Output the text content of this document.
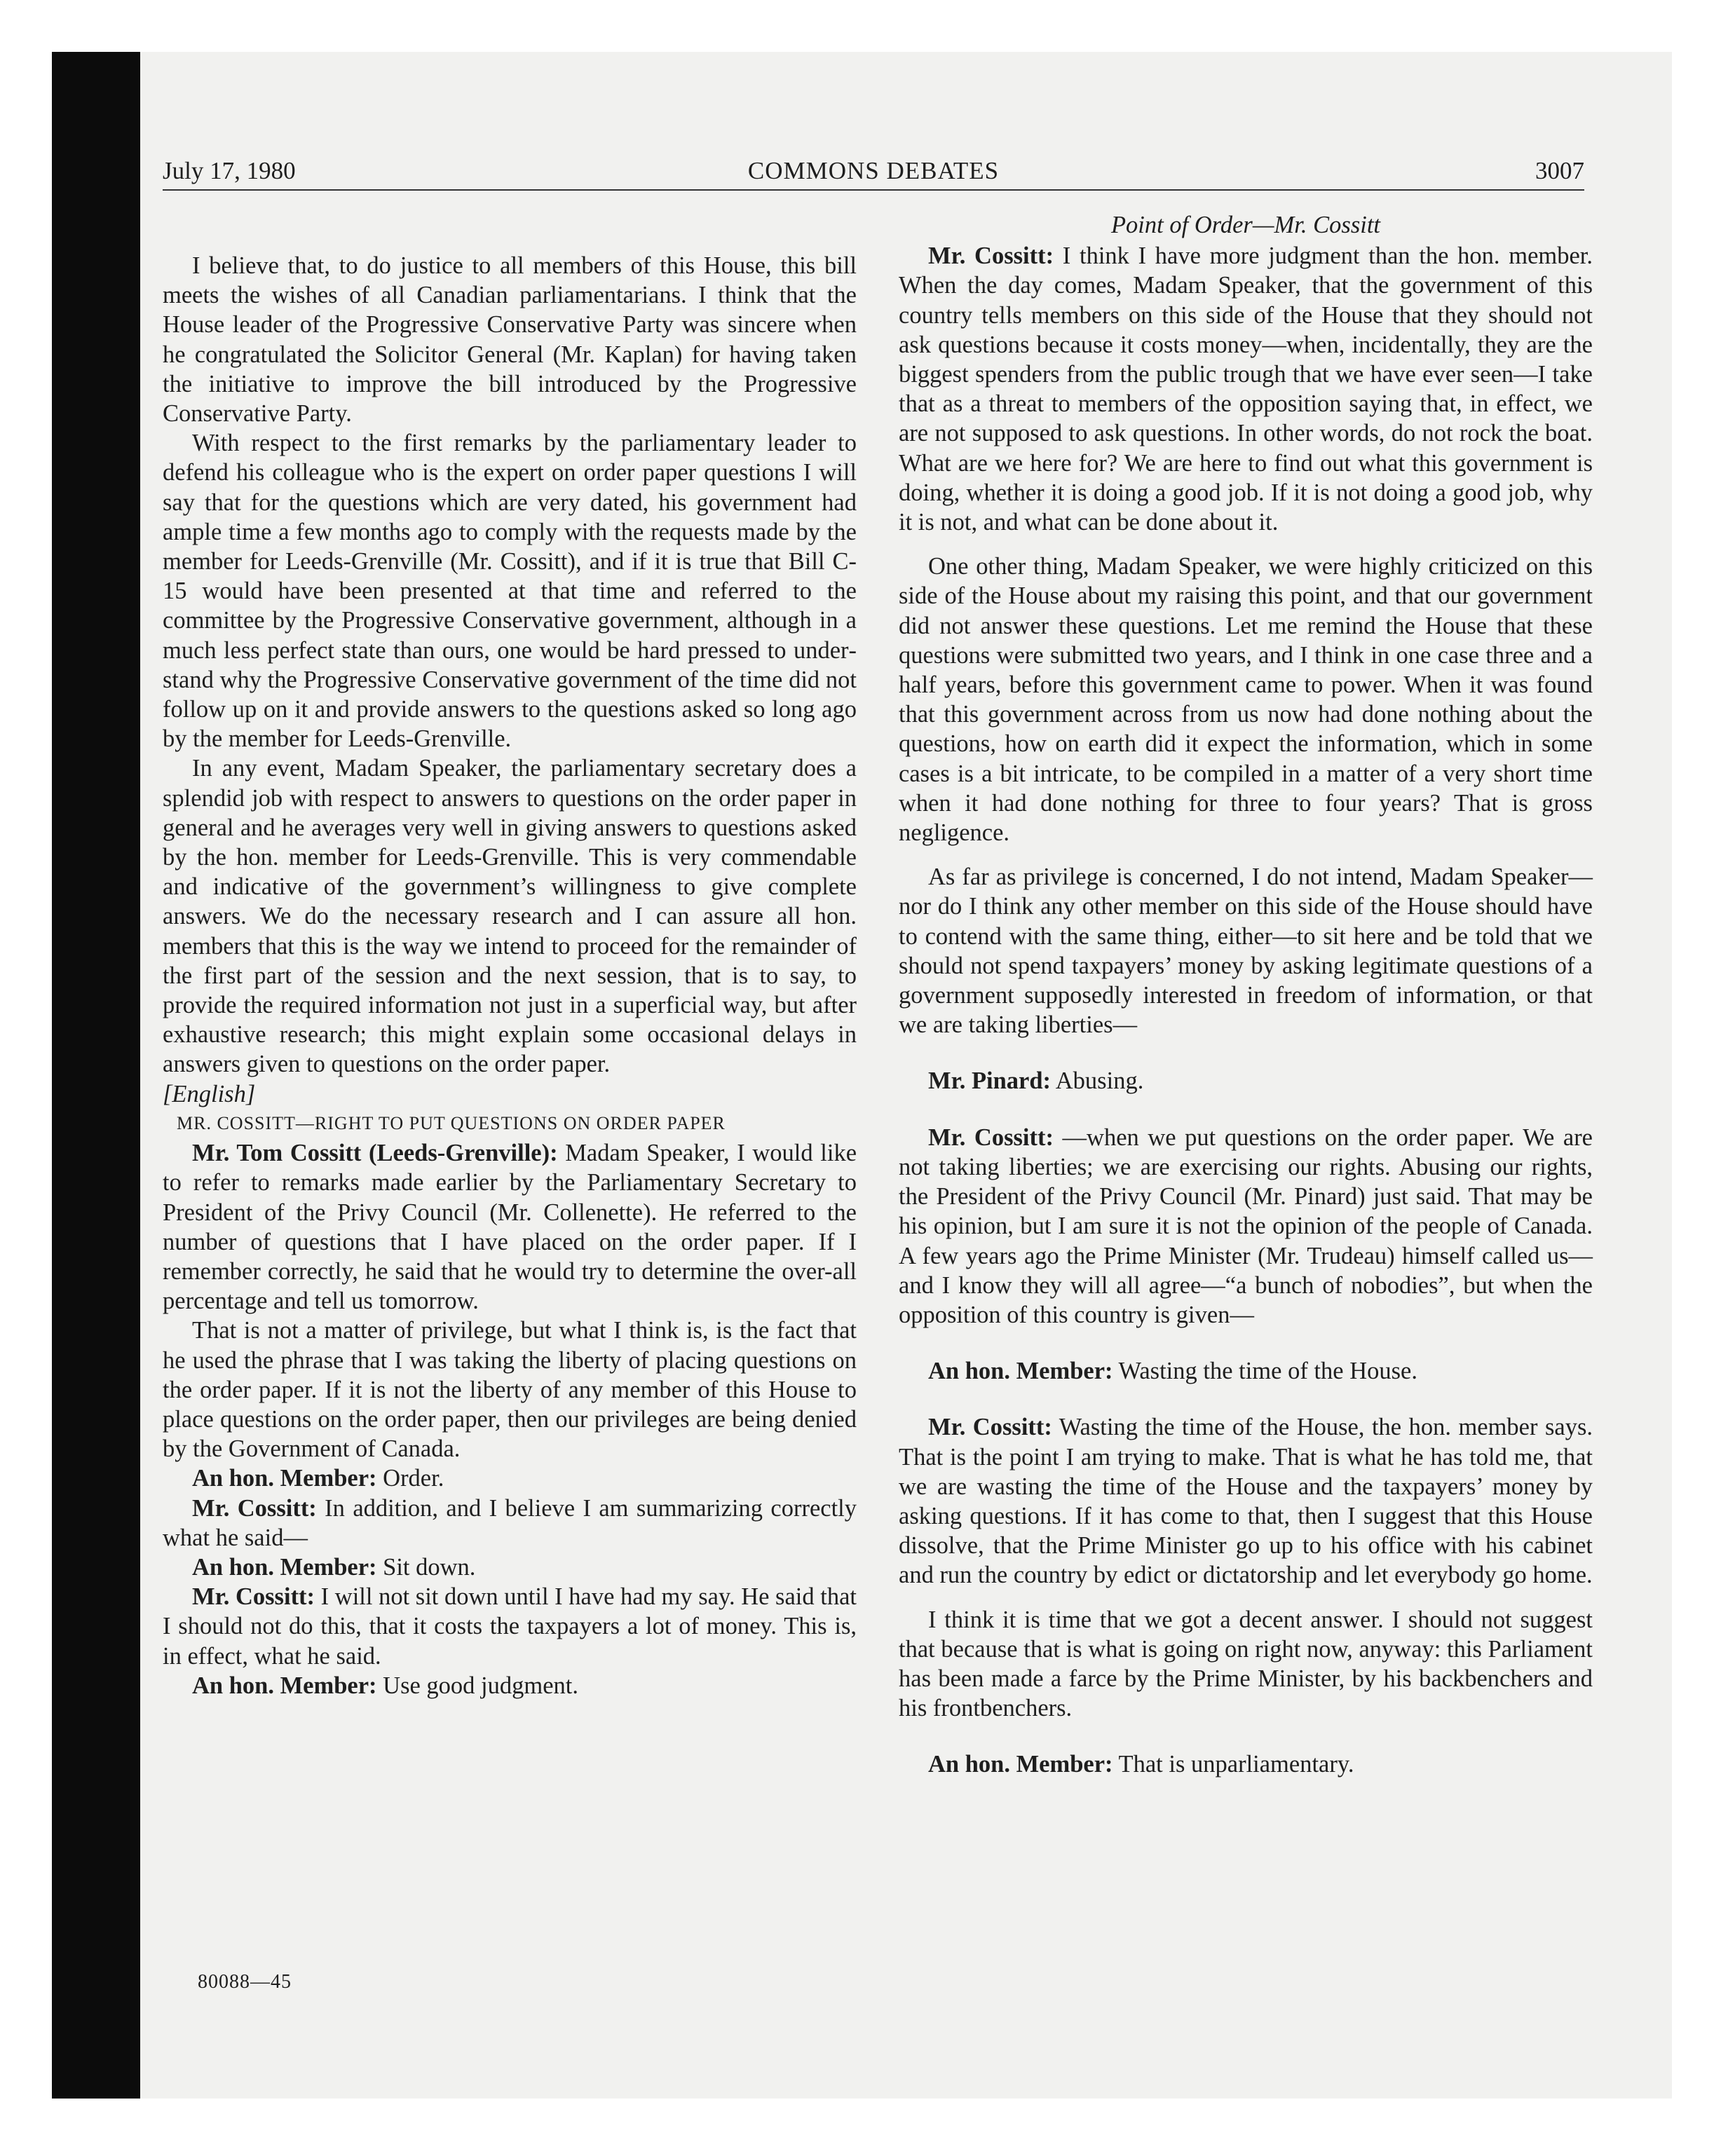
July 17, 1980	COMMONS DEBATES	3007

I believe that, to do justice to all members of this House, this bill meets the wishes of all Canadian parliamentarians. I think that the House leader of the Progressive Conservative Party was sincere when he congratulated the Solicitor General (Mr. Kaplan) for having taken the initiative to improve the bill introduced by the Progressive Conservative Party.

With respect to the first remarks by the parliamentary leader to defend his colleague who is the expert on order paper questions I will say that for the questions which are very dated, his government had ample time a few months ago to comply with the requests made by the member for Leeds-Grenville (Mr. Cossitt), and if it is true that Bill C-15 would have been presented at that time and referred to the committee by the Progressive Conservative government, although in a much less perfect state than ours, one would be hard pressed to understand why the Progressive Conservative government of the time did not follow up on it and provide answers to the questions asked so long ago by the member for Leeds-Grenville.

In any event, Madam Speaker, the parliamentary secretary does a splendid job with respect to answers to questions on the order paper in general and he averages very well in giving answers to questions asked by the hon. member for Leeds-Grenville. This is very commendable and indicative of the government’s willingness to give complete answers. We do the necessary research and I can assure all hon. members that this is the way we intend to proceed for the remainder of the first part of the session and the next session, that is to say, to provide the required information not just in a superficial way, but after exhaustive research; this might explain some occasional delays in answers given to questions on the order paper.

[English]

MR. COSSITT—RIGHT TO PUT QUESTIONS ON ORDER PAPER

Mr. Tom Cossitt (Leeds-Grenville): Madam Speaker, I would like to refer to remarks made earlier by the Parliamentary Secretary to President of the Privy Council (Mr. Collenette). He referred to the number of questions that I have placed on the order paper. If I remember correctly, he said that he would try to determine the over-all percentage and tell us tomorrow.

That is not a matter of privilege, but what I think is, is the fact that he used the phrase that I was taking the liberty of placing questions on the order paper. If it is not the liberty of any member of this House to place questions on the order paper, then our privileges are being denied by the Government of Canada.

An hon. Member: Order.

Mr. Cossitt: In addition, and I believe I am summarizing correctly what he said—

An hon. Member: Sit down.

Mr. Cossitt: I will not sit down until I have had my say. He said that I should not do this, that it costs the taxpayers a lot of money. This is, in effect, what he said.

An hon. Member: Use good judgment.

Point of Order—Mr. Cossitt

Mr. Cossitt: I think I have more judgment than the hon. member. When the day comes, Madam Speaker, that the government of this country tells members on this side of the House that they should not ask questions because it costs money—when, incidentally, they are the biggest spenders from the public trough that we have ever seen—I take that as a threat to members of the opposition saying that, in effect, we are not supposed to ask questions. In other words, do not rock the boat. What are we here for? We are here to find out what this government is doing, whether it is doing a good job. If it is not doing a good job, why it is not, and what can be done about it.

One other thing, Madam Speaker, we were highly criticized on this side of the House about my raising this point, and that our government did not answer these questions. Let me remind the House that these questions were submitted two years, and I think in one case three and a half years, before this government came to power. When it was found that this government across from us now had done nothing about the questions, how on earth did it expect the information, which in some cases is a bit intricate, to be compiled in a matter of a very short time when it had done nothing for three to four years? That is gross negligence.

As far as privilege is concerned, I do not intend, Madam Speaker—nor do I think any other member on this side of the House should have to contend with the same thing, either—to sit here and be told that we should not spend taxpayers’ money by asking legitimate questions of a government supposedly interested in freedom of information, or that we are taking liberties—

Mr. Pinard: Abusing.

Mr. Cossitt: —when we put questions on the order paper. We are not taking liberties; we are exercising our rights. Abusing our rights, the President of the Privy Council (Mr. Pinard) just said. That may be his opinion, but I am sure it is not the opinion of the people of Canada. A few years ago the Prime Minister (Mr. Trudeau) himself called us—and I know they will all agree—“a bunch of nobodies”, but when the opposition of this country is given—

An hon. Member: Wasting the time of the House.

Mr. Cossitt: Wasting the time of the House, the hon. member says. That is the point I am trying to make. That is what he has told me, that we are wasting the time of the House and the taxpayers’ money by asking questions. If it has come to that, then I suggest that this House dissolve, that the Prime Minister go up to his office with his cabinet and run the country by edict or dictatorship and let everybody go home.

I think it is time that we got a decent answer. I should not suggest that because that is what is going on right now, anyway: this Parliament has been made a farce by the Prime Minister, by his backbenchers and his frontbenchers.

An hon. Member: That is unparliamentary.

80088—45
